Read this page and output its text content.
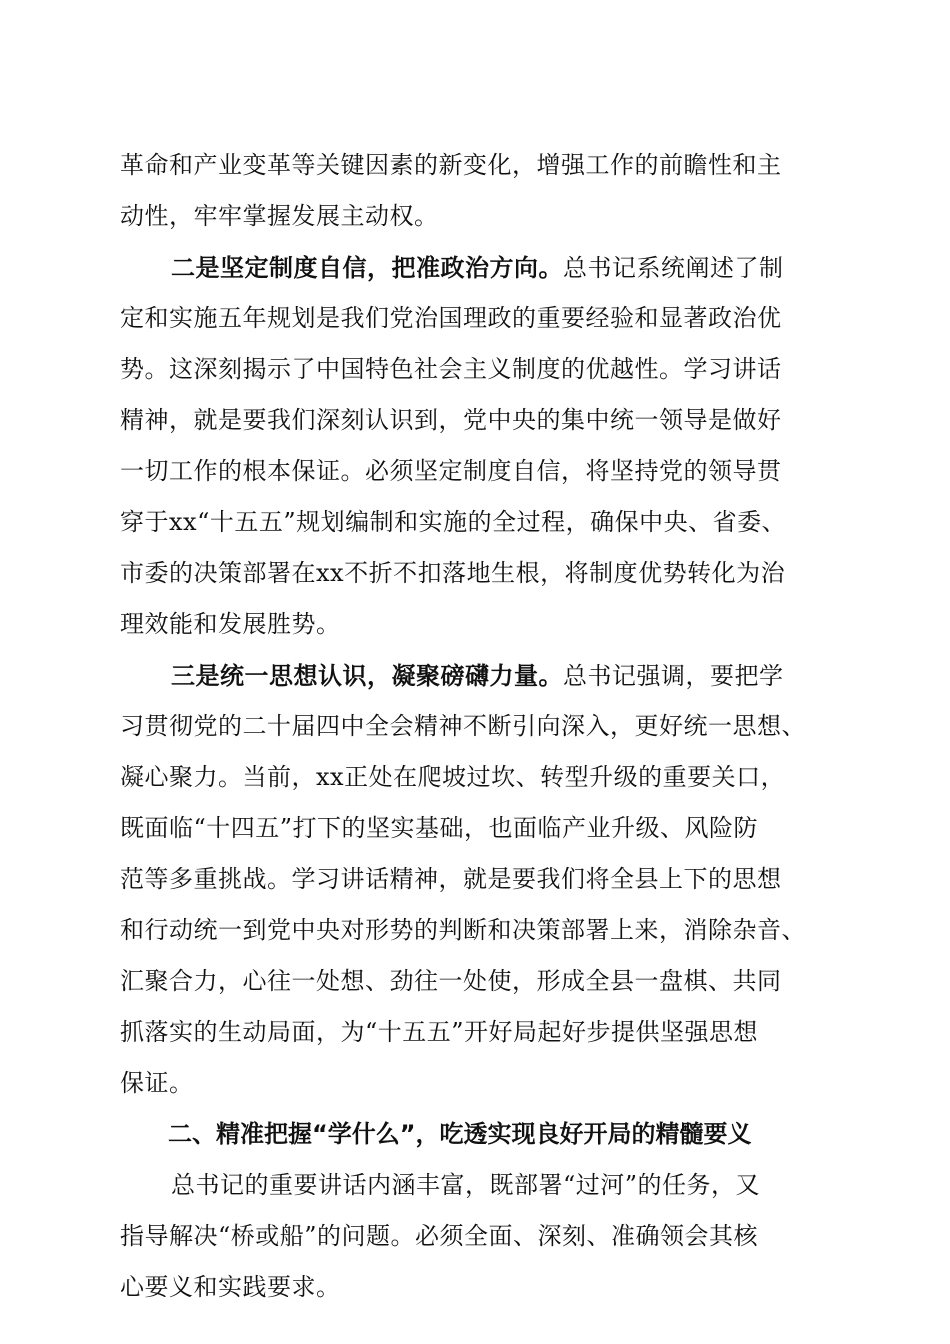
革命和产业变革等关键因素的新变化，增强工作的前瞻性和主
动性，牢牢掌握发展主动权。
二是坚定制度自信，把准政治方向。总书记系统阐述了制
定和实施五年规划是我们党治国理政的重要经验和显著政治优
势。这深刻揭示了中国特色社会主义制度的优越性。学习讲话
精神，就是要我们深刻认识到，党中央的集中统一领导是做好
一切工作的根本保证。必须坚定制度自信，将坚持党的领导贯
穿于xx“十五五”规划编制和实施的全过程，确保中央、省委、
市委的决策部署在xx不折不扣落地生根，将制度优势转化为治
理效能和发展胜势。
三是统一思想认识，凝聚磅礴力量。总书记强调，要把学
习贯彻党的二十届四中全会精神不断引向深入，更好统一思想、
凝心聚力。当前，xx正处在爬坡过坎、转型升级的重要关口，
既面临“十四五”打下的坚实基础，也面临产业升级、风险防
范等多重挑战。学习讲话精神，就是要我们将全县上下的思想
和行动统一到党中央对形势的判断和决策部署上来，消除杂音、
汇聚合力，心往一处想、劲往一处使，形成全县一盘棋、共同
抓落实的生动局面，为“十五五”开好局起好步提供坚强思想
保证。
二、精准把握“学什么”，吃透实现良好开局的精髓要义
总书记的重要讲话内涵丰富，既部署“过河”的任务，又
指导解决“桥或船”的问题。必须全面、深刻、准确领会其核
心要义和实践要求。
